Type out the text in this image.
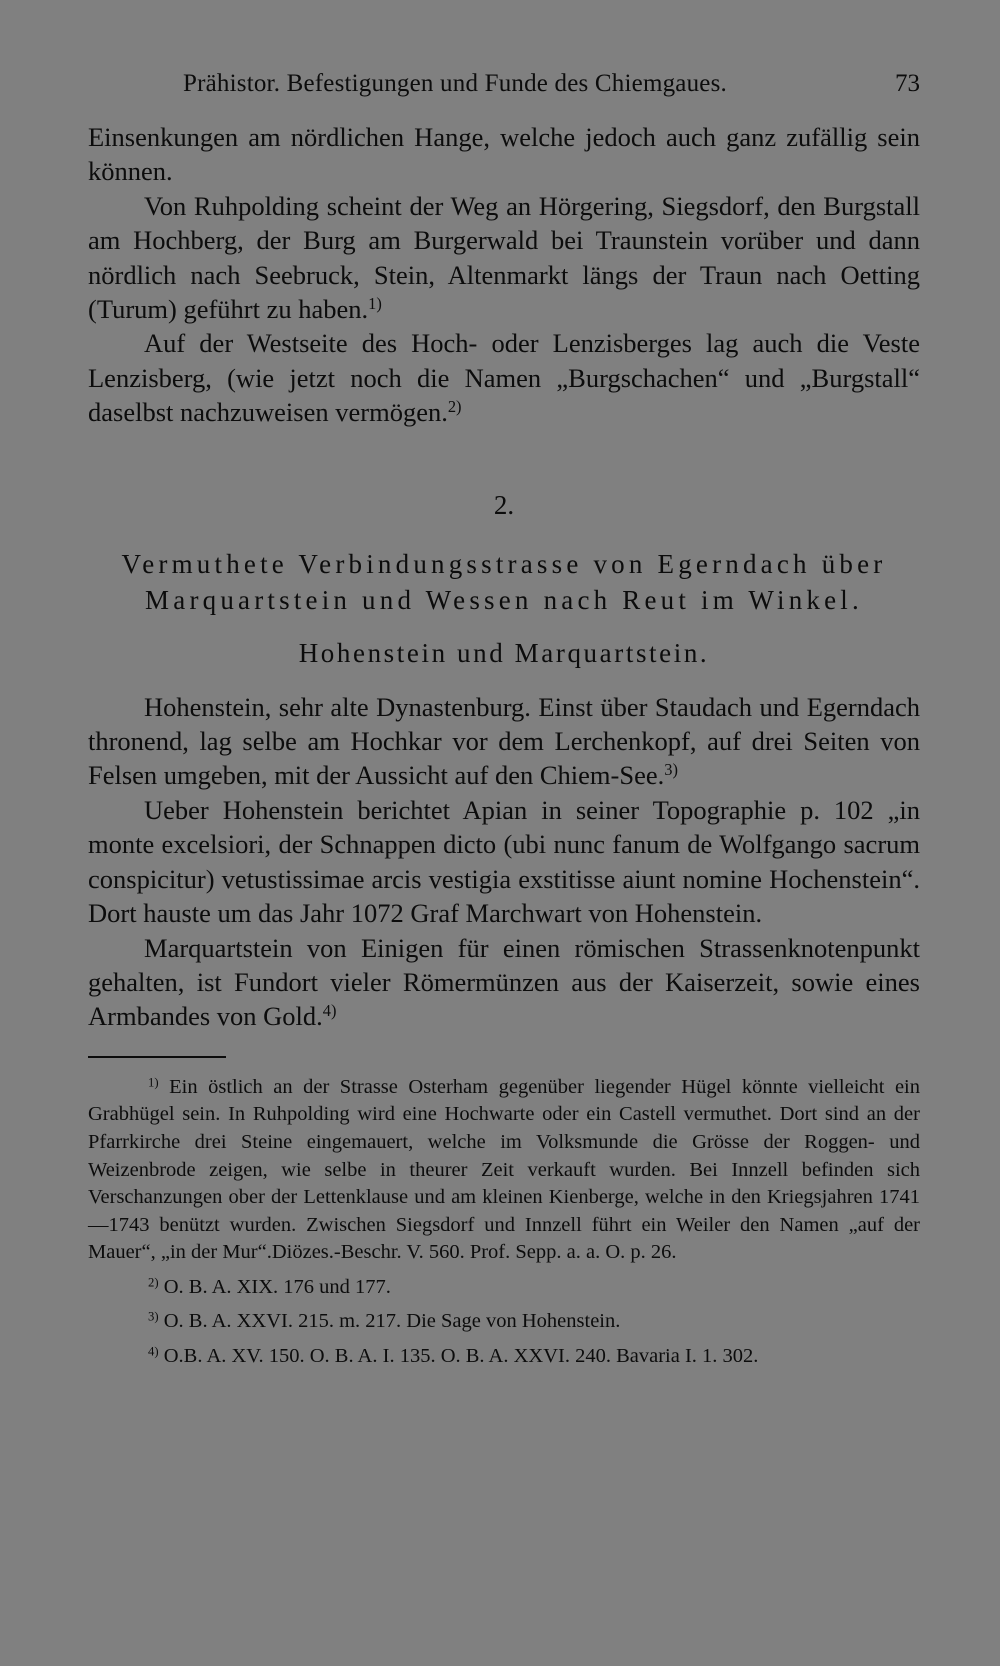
Prähistor. Befestigungen und Funde des Chiemgaues.	73

Einsenkungen am nördlichen Hange, welche jedoch auch ganz zufällig sein können.

Von Ruhpolding scheint der Weg an Hörgering, Siegsdorf, den Burgstall am Hochberg, der Burg am Burgerwald bei Traunstein vorüber und dann nördlich nach Seebruck, Stein, Altenmarkt längs der Traun nach Oetting (Turum) geführt zu haben.$^{1)}$

Auf der Westseite des Hoch- oder Lenzisberges lag auch die Veste Lenzisberg, (wie jetzt noch die Namen „Burgschachen“ und „Burgstall“ daselbst nachzuweisen vermögen.$^{2)}$

2.
Vermuthete Verbindungsstrasse von Egerndach über
Marquartstein und Wessen nach Reut im Winkel.
Hohenstein und Marquartstein.

Hohenstein, sehr alte Dynastenburg. Einst über Staudach und Egerndach thronend, lag selbe am Hochkar vor dem Lerchenkopf, auf drei Seiten von Felsen umgeben, mit der Aussicht auf den Chiem-See.$^{3)}$

Ueber Hohenstein berichtet Apian in seiner Topographie p. 102 „in monte excelsiori, der Schnappen dicto (ubi nunc fanum de Wolfgango sacrum conspicitur) vetustissimae arcis vestigia exstitisse aiunt nomine Hochenstein“. Dort hauste um das Jahr 1072 Graf Marchwart von Hohenstein.

Marquartstein von Einigen für einen römischen Strassenknotenpunkt gehalten, ist Fundort vieler Römermünzen aus der Kaiserzeit, sowie eines Armbandes von Gold.$^{4)}$

$^{1)}$ Ein östlich an der Strasse Osterham gegenüber liegender Hügel könnte vielleicht ein Grabhügel sein. In Ruhpolding wird eine Hochwarte oder ein Castell vermuthet. Dort sind an der Pfarrkirche drei Steine eingemauert, welche im Volksmunde die Grösse der Roggen- und Weizenbrode zeigen, wie selbe in theurer Zeit verkauft wurden. Bei Innzell befinden sich Verschanzungen ober der Lettenklause und am kleinen Kienberge, welche in den Kriegsjahren 1741—1743 benützt wurden. Zwischen Siegsdorf und Innzell führt ein Weiler den Namen „auf der Mauer“, „in der Mur“.Diözes.-Beschr. V. 560. Prof. Sepp. a. a. O. p. 26.

$^{2)}$ O. B. A. XIX. 176 und 177.

$^{3)}$ O. B. A. XXVI. 215. m. 217. Die Sage von Hohenstein.

$^{4)}$ O.B. A. XV. 150. O. B. A. I. 135. O. B. A. XXVI. 240. Bavaria I. 1. 302.
